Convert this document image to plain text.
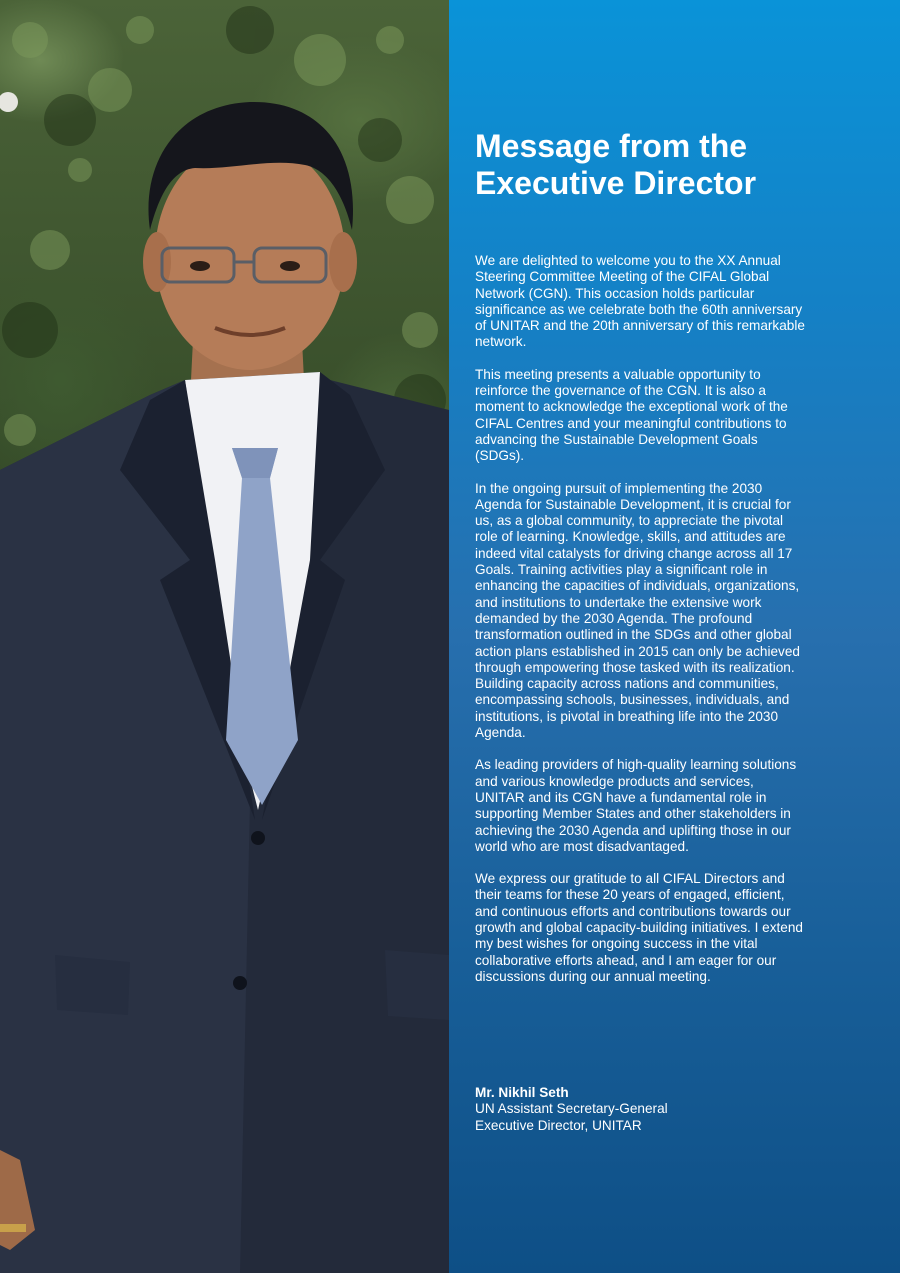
Message from the
Executive Director

We are delighted to welcome you to the XX Annual Steering Committee Meeting of the CIFAL Global Network (CGN). This occasion holds particular significance as we celebrate both the 60th anniversary of UNITAR and the 20th anniversary of this remarkable network.

This meeting presents a valuable opportunity to reinforce the governance of the CGN. It is also a moment to acknowledge the exceptional work of the CIFAL Centres and your meaningful contributions to advancing the Sustainable Development Goals (SDGs).

In the ongoing pursuit of implementing the 2030 Agenda for Sustainable Development, it is crucial for us, as a global community, to appreciate the pivotal role of learning. Knowledge, skills, and attitudes are indeed vital catalysts for driving change across all 17 Goals. Training activities play a significant role in enhancing the capacities of individuals, organizations, and institutions to undertake the extensive work demanded by the 2030 Agenda. The profound transformation outlined in the SDGs and other global action plans established in 2015 can only be achieved through empowering those tasked with its realization. Building capacity across nations and communities, encompassing schools, businesses, individuals, and institutions, is pivotal in breathing life into the 2030 Agenda.

As leading providers of high-quality learning solutions and various knowledge products and services, UNITAR and its CGN have a fundamental role in supporting Member States and other stakeholders in achieving the 2030 Agenda and uplifting those in our world who are most disadvantaged.

We express our gratitude to all CIFAL Directors and their teams for these 20 years of engaged, efficient, and continuous efforts and contributions towards our growth and global capacity-building initiatives. I extend my best wishes for ongoing success in the vital collaborative efforts ahead, and I am eager for our discussions during our annual meeting.

Mr. Nikhil Seth
UN Assistant Secretary-General
Executive Director, UNITAR
